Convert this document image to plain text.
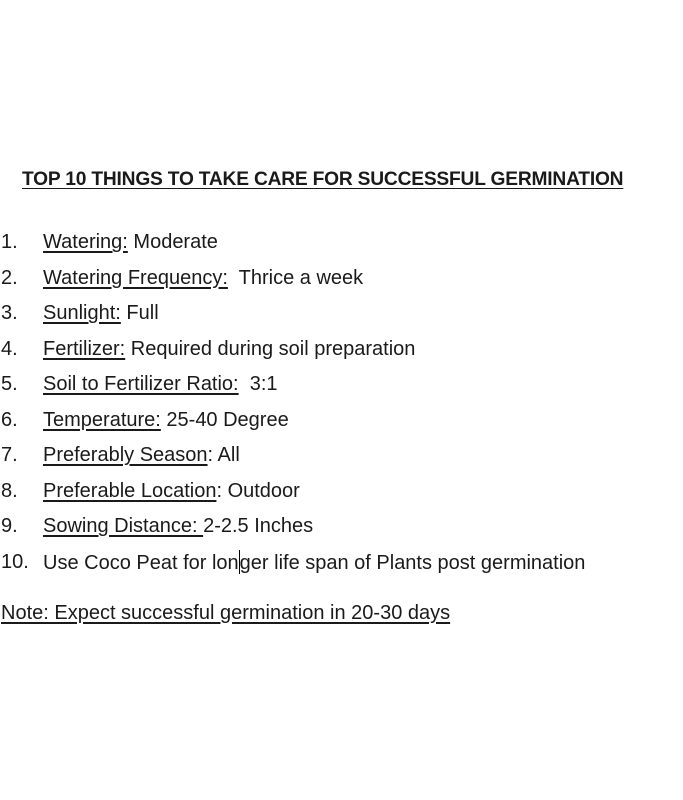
TOP 10 THINGS TO TAKE CARE FOR SUCCESSFUL GERMINATION
1.	Watering: Moderate
2.	Watering Frequency: Thrice a week
3.	Sunlight: Full
4.	Fertilizer: Required during soil preparation
5.	Soil to Fertilizer Ratio: 3:1
6.	Temperature: 25-40 Degree
7.	Preferably Season: All
8.	Preferable Location: Outdoor
9.	Sowing Distance: 2-2.5 Inches
10. Use Coco Peat for longer life span of Plants post germination
Note: Expect successful germination in 20-30 days
